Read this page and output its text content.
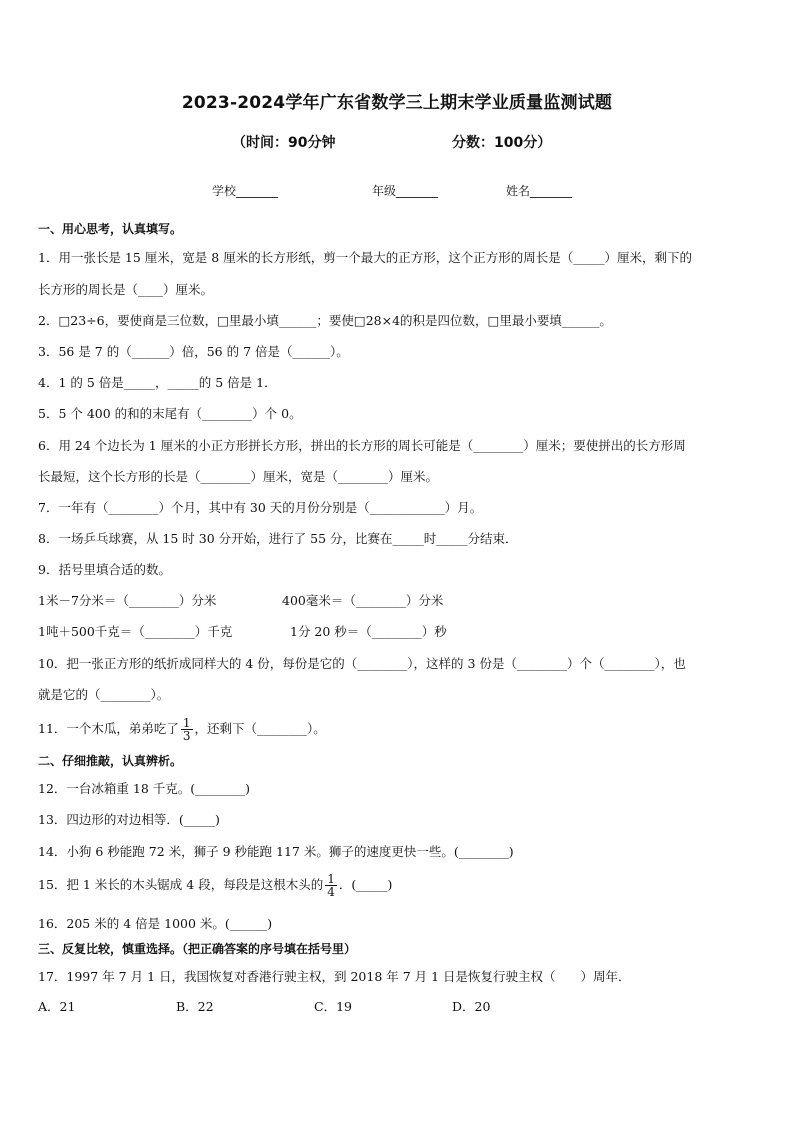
2023-2024学年广东省数学三上期末学业质量监测试题
（时间：90分钟	分数：100分）
学校_______	年级_______	姓名_______
一、用心思考，认真填写。
1．用一张长是 15 厘米，宽是 8 厘米的长方形纸，剪一个最大的正方形，这个正方形的周长是（_____）厘米，剩下的
长方形的周长是（____）厘米。
2．□23÷6，要使商是三位数，□里最小填______；要使□28×4的积是四位数，□里最小要填______。
3．56 是 7 的（______）倍，56 的 7 倍是（______）。
4．1 的 5 倍是_____，_____的 5 倍是 1．
5．5 个 400 的和的末尾有（________）个 0。
6．用 24 个边长为 1 厘米的小正方形拼长方形，拼出的长方形的周长可能是（________）厘米；要使拼出的长方形周
长最短，这个长方形的长是（________）厘米，宽是（________）厘米。
7．一年有（________）个月，其中有 30 天的月份分别是（____________）月。
8．一场乒乓球赛，从 15 时 30 分开始，进行了 55 分，比赛在_____时_____分结束．
9．括号里填合适的数。
1米－7分米＝（________）分米	400毫米＝（________）分米
1吨＋500千克＝（________）千克	1分 20 秒＝（________）秒
10．把一张正方形的纸折成同样大的 4 份，每份是它的（________），这样的 3 份是（________）个（________），也
就是它的（________）。
11．一个木瓜，弟弟吃了 $\frac{1}{3}$ ，还剩下（________）。
二、仔细推敲，认真辨析。
12．一台冰箱重 18 千克。(________)
13．四边形的对边相等．(_____)
14．小狗 6 秒能跑 72 米，狮子 9 秒能跑 117 米。狮子的速度更快一些。(________)
15．把 1 米长的木头锯成 4 段，每段是这根木头的 $\frac{1}{4}$ ．(_____)
16．205 米的 4 倍是 1000 米。(______)
三、反复比较，慎重选择。（把正确答案的序号填在括号里）
17．1997 年 7 月 1 日，我国恢复对香港行驶主权，到 2018 年 7 月 1 日是恢复行驶主权（　　）周年．
A．21	B．22	C．19	D．20
